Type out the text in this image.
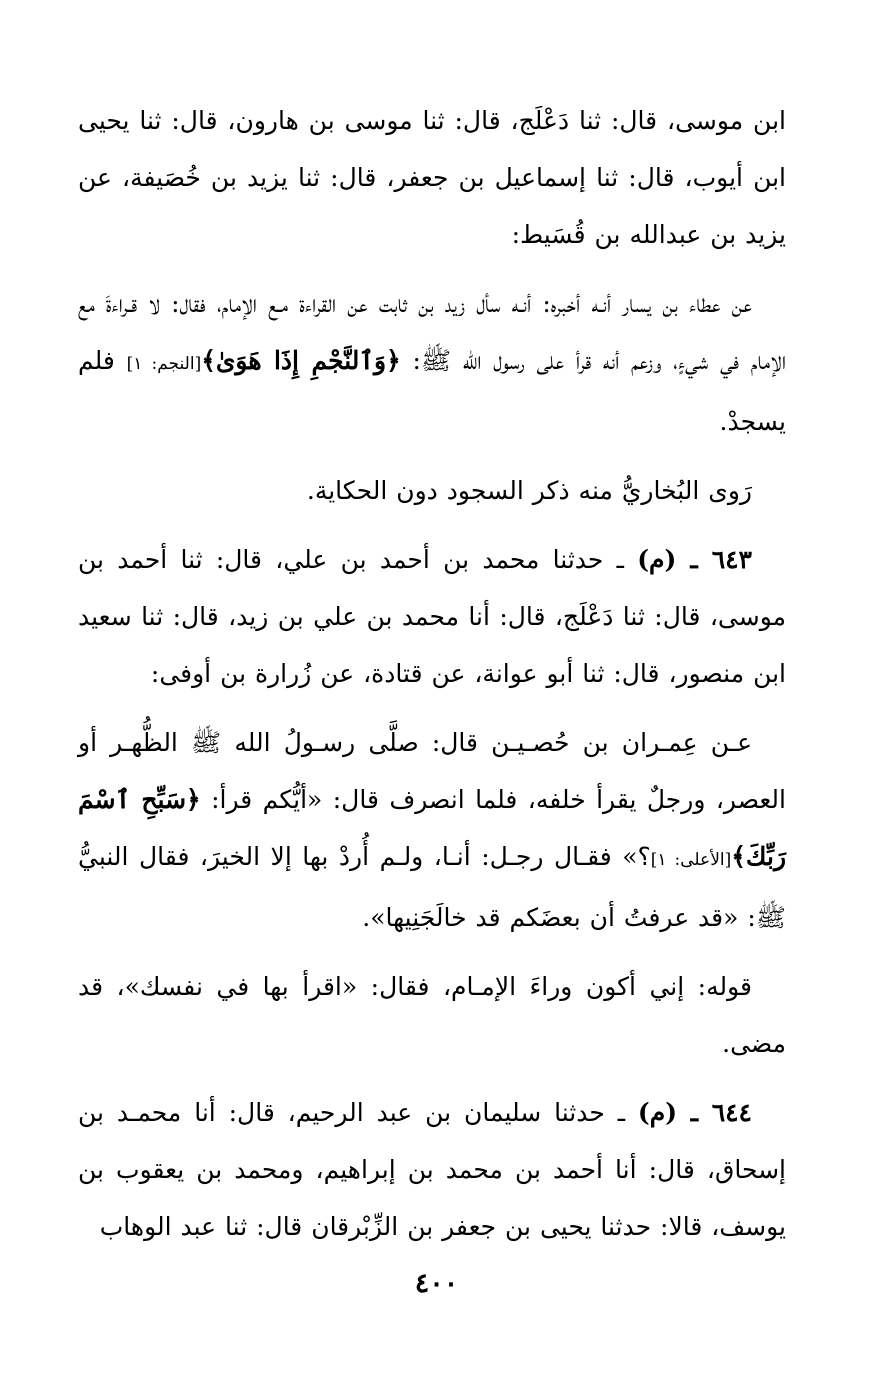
ابن موسى، قال: ثنا دَعْلَج، قال: ثنا موسى بن هارون، قال: ثنا يحيى ابن أيوب، قال: ثنا إسماعيل بن جعفر، قال: ثنا يزيد بن خُصَيفة، عن يزيد بن عبدالله بن قُسَيط:

عن عطاء بن يسار أنـه أخبره: أنـه سأل زيد بن ثابت عن القراءة مـع الإمام، فقال: لا قـراءةَ مع الإمام في شيءٍ، وزعم أنه قرأ على رسول الله ﷺ: ﴿وَٱلنَّجْمِ إِذَا هَوَىٰ﴾[النجم: ١] فلم يسجدْ.

رَوى البُخاريُّ منه ذكر السجود دون الحكاية.

٦٤٣ ـ (م) ـ حدثنا محمد بن أحمد بن علي، قال: ثنا أحمد بن موسى، قال: ثنا دَعْلَج، قال: أنا محمد بن علي بن زيد، قال: ثنا سعيد ابن منصور، قال: ثنا أبو عوانة، عن قتادة، عن زُرارة بن أوفى:

عـن عِمـران بن حُصـيـن قال: صلَّى رسـولُ الله ﷺ الظُّهـر أو العصر، ورجلٌ يقرأ خلفه، فلما انصرف قال: «أيُّكم قرأ: ﴿سَبِّحِ ٱسْمَ رَبِّكَ﴾[الأعلى: ١]؟» فقـال رجـل: أنـا، ولـم أُردْ بها إلا الخيرَ، فقال النبيُّ ﷺ: «قد عرفتُ أن بعضَكم قد خالَجَنِيها».

قوله: إني أكون وراءَ الإمـام، فقال: «اقرأ بها في نفسك»، قد مضى.

٦٤٤ ـ (م) ـ حدثنا سليمان بن عبد الرحيم، قال: أنا محمـد بن إسحاق، قال: أنا أحمد بن محمد بن إبراهيم، ومحمد بن يعقوب بن يوسف، قالا: حدثنا يحيى بن جعفر بن الزِّبْرقان قال: ثنا عبد الوهاب

٤٠٠
